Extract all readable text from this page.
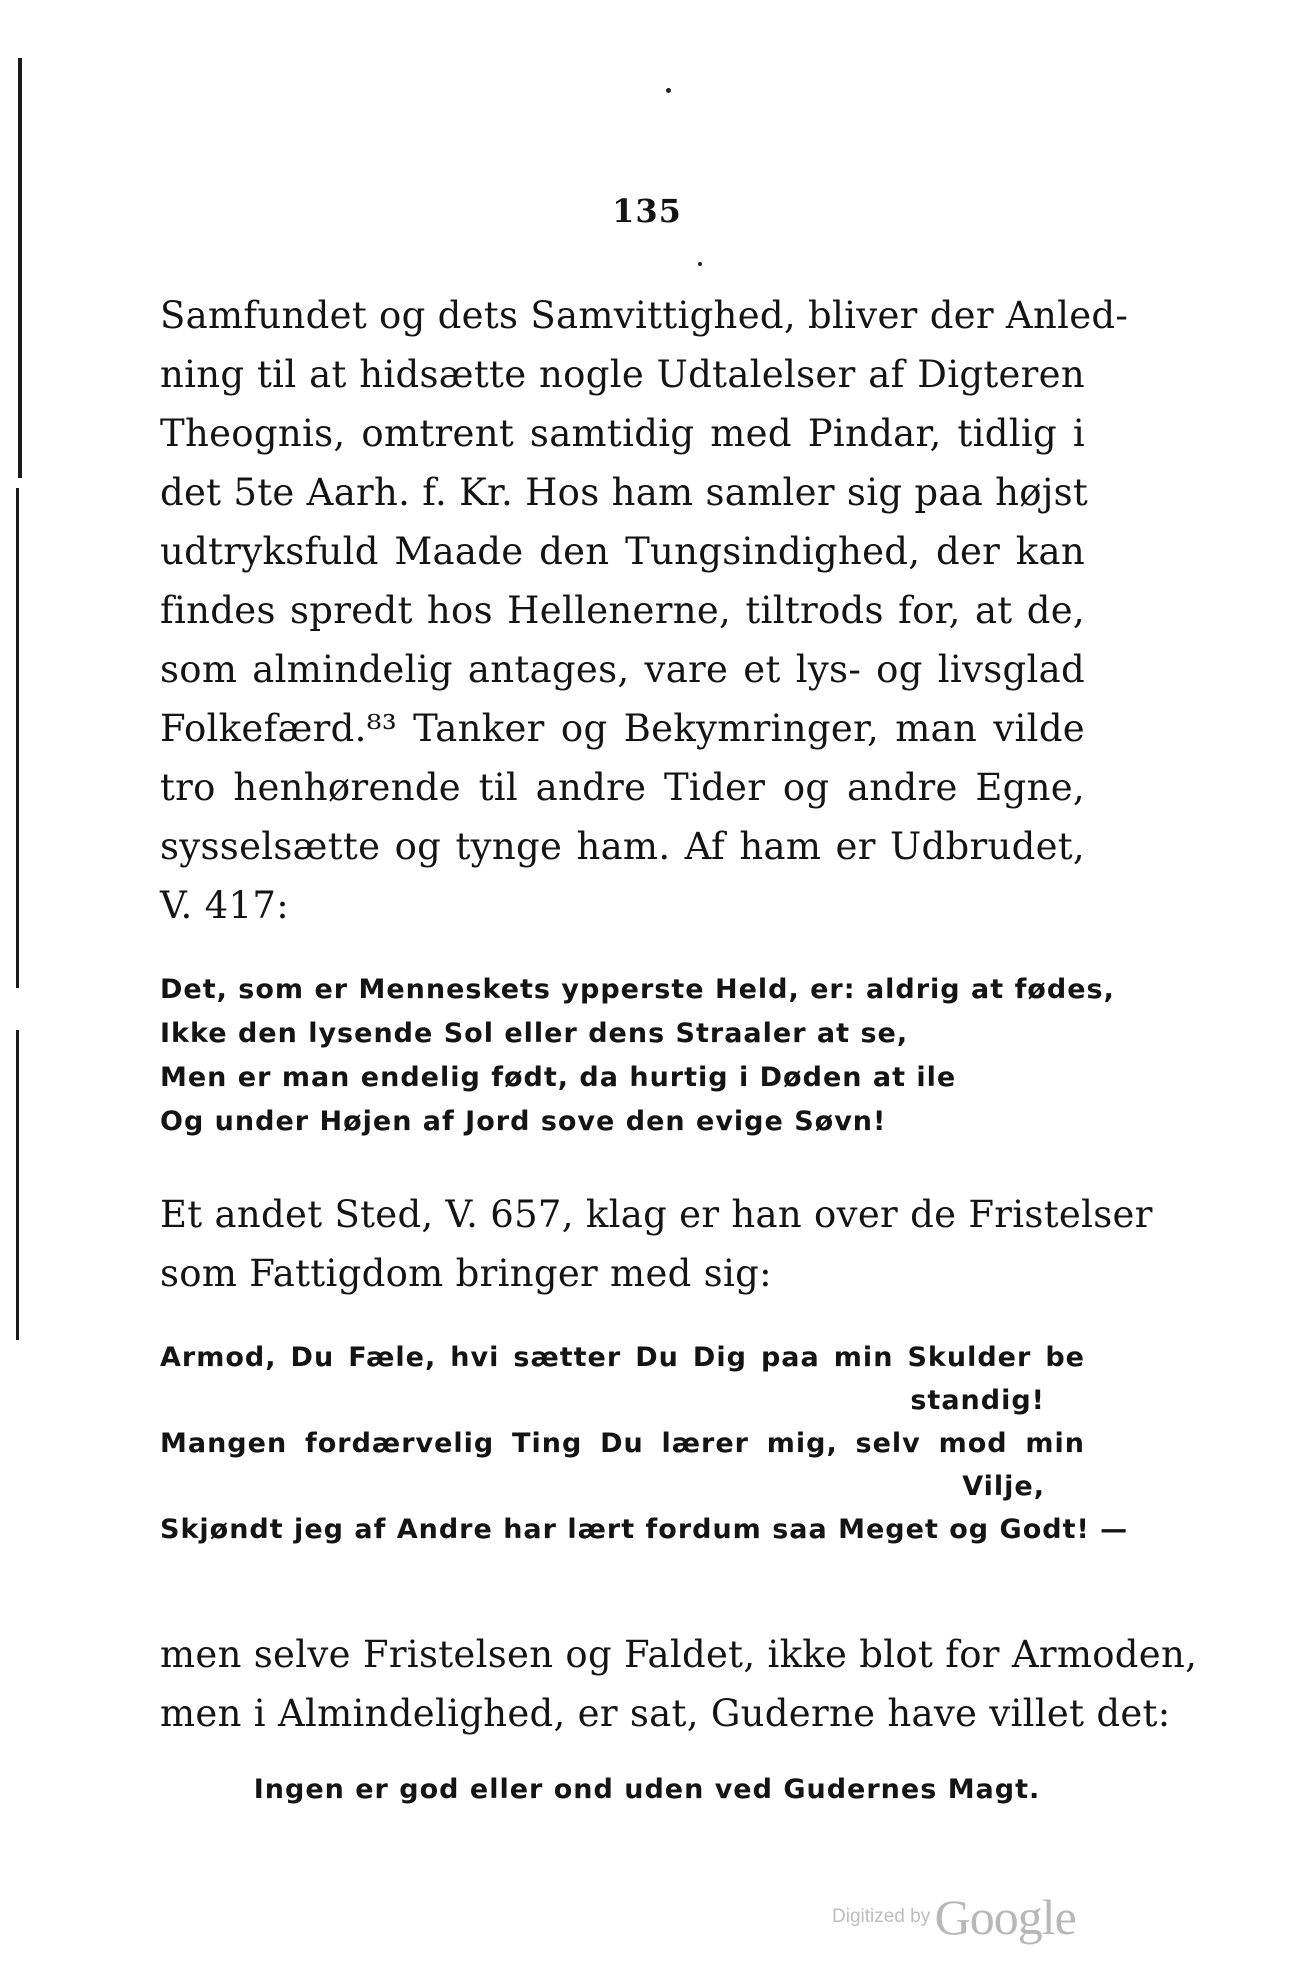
135
Samfundet og dets Samvittighed, bliver der Anled-
ning til at hidsætte nogle Udtalelser af Digteren
Theognis, omtrent samtidig med Pindar, tidlig i
det 5te Aarh. f. Kr. Hos ham samler sig paa højst
udtryksfuld Maade den Tungsindighed, der kan
findes spredt hos Hellenerne, tiltrods for, at de,
som almindelig antages, vare et lys- og livsglad
Folkefærd.⁸³ Tanker og Bekymringer, man vilde
tro henhørende til andre Tider og andre Egne,
sysselsætte og tynge ham. Af ham er Udbrudet,
V. 417:
Det, som er Menneskets ypperste Held, er: aldrig at fødes,
Ikke den lysende Sol eller dens Straaler at se,
Men er man endelig født, da hurtig i Døden at ile
Og under Højen af Jord sove den evige Søvn!
Et andet Sted, V. 657, klag er han over de Fristelser
som Fattigdom bringer med sig:
Armod, Du Fæle, hvi sætter Du Dig paa min Skulder be
standig!
Mangen fordærvelig Ting Du lærer mig, selv mod min
Vilje,
Skjøndt jeg af Andre har lært fordum saa Meget og Godt! —
men selve Fristelsen og Faldet, ikke blot for Armoden,
men i Almindelighed, er sat, Guderne have villet det:
Ingen er god eller ond uden ved Gudernes Magt.
Digitized by Google
